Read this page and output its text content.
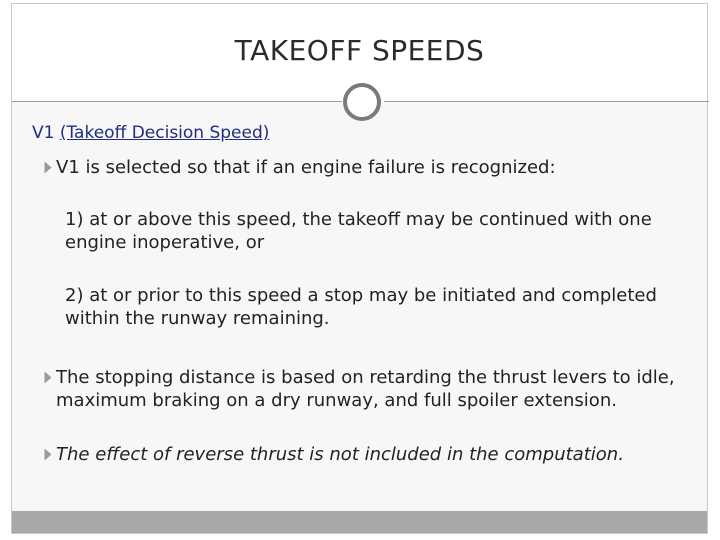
TAKEOFF SPEEDS
V1 (Takeoff Decision Speed)
V1 is selected so that if an engine failure is recognized:
1) at or above this speed, the takeoff may be continued with one engine inoperative, or
2) at or prior to this speed a stop may be initiated and completed within the runway remaining.
The stopping distance is based on retarding the thrust levers to idle, maximum braking on a dry runway, and full spoiler extension.
The effect of reverse thrust is not included in the computation.
